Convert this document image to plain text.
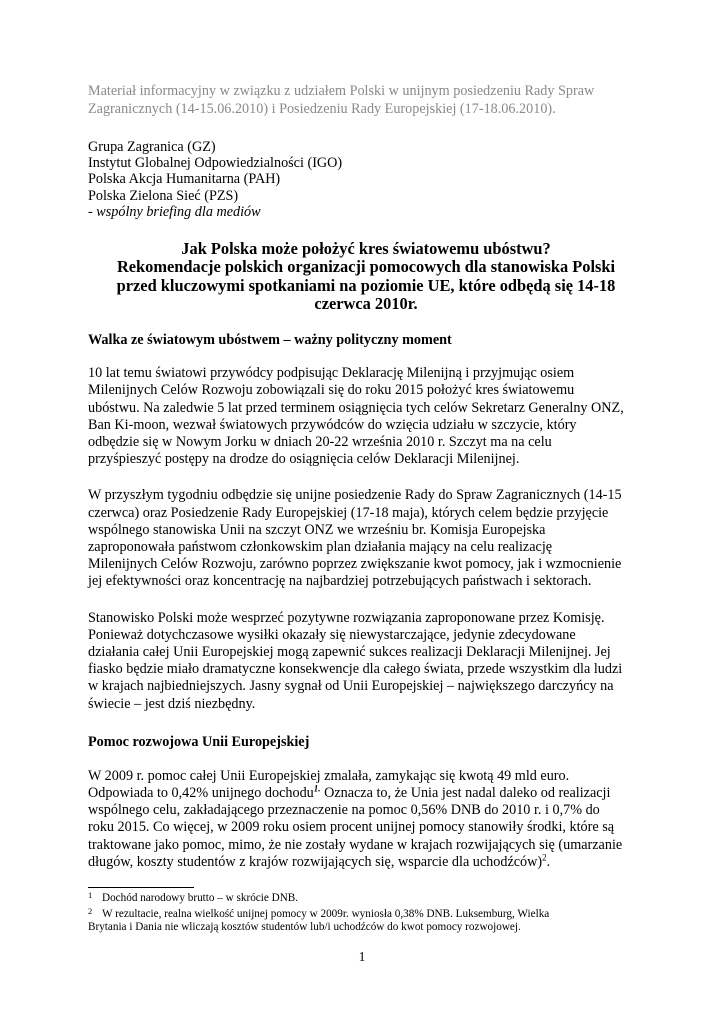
Materiał informacyjny w związku z udziałem Polski w unijnym posiedzeniu Rady Spraw
Zagranicznych (14-15.06.2010) i Posiedzeniu Rady Europejskiej (17-18.06.2010).
Grupa Zagranica (GZ)
Instytut Globalnej Odpowiedzialności (IGO)
Polska Akcja Humanitarna (PAH)
Polska Zielona Sieć (PZS)
- wspólny briefing dla mediów
Jak Polska może położyć kres światowemu ubóstwu?
Rekomendacje polskich organizacji pomocowych dla stanowiska Polski
przed kluczowymi spotkaniami na poziomie UE, które odbędą się 14-18
czerwca 2010r.
Walka ze światowym ubóstwem – ważny polityczny moment
10 lat temu światowi przywódcy podpisując Deklarację Milenijną i przyjmując osiem
Milenijnych Celów Rozwoju zobowiązali się do roku 2015 położyć kres światowemu
ubóstwu. Na zaledwie 5 lat przed terminem osiągnięcia tych celów Sekretarz Generalny ONZ,
Ban Ki-moon, wezwał światowych przywódców do wzięcia udziału w szczycie, który
odbędzie się w Nowym Jorku w dniach 20-22 września 2010 r. Szczyt ma na celu
przyśpieszyć postępy na drodze do osiągnięcia celów Deklaracji Milenijnej.
W przyszłym tygodniu odbędzie się unijne posiedzenie Rady do Spraw Zagranicznych (14-15
czerwca) oraz Posiedzenie Rady Europejskiej (17-18 maja), których celem będzie przyjęcie
wspólnego stanowiska Unii na szczyt ONZ we wrześniu br. Komisja Europejska
zaproponowała państwom członkowskim plan działania mający na celu realizację
Milenijnych Celów Rozwoju, zarówno poprzez zwiększanie kwot pomocy, jak i wzmocnienie
jej efektywności oraz koncentrację na najbardziej potrzebujących państwach i sektorach.
Stanowisko Polski może wesprzeć pozytywne rozwiązania zaproponowane przez Komisję.
Ponieważ dotychczasowe wysiłki okazały się niewystarczające, jedynie zdecydowane
działania całej Unii Europejskiej mogą zapewnić sukces realizacji Deklaracji Milenijnej. Jej
fiasko będzie miało dramatyczne konsekwencje dla całego świata, przede wszystkim dla ludzi
w krajach najbiedniejszych. Jasny sygnał od Unii Europejskiej – największego darczyńcy na
świecie – jest dziś niezbędny.
Pomoc rozwojowa Unii Europejskiej
W 2009 r. pomoc całej Unii Europejskiej zmalała, zamykając się kwotą 49 mld euro.
Odpowiada to 0,42% unijnego dochodu$^{1.}$ Oznacza to, że Unia jest nadal daleko od realizacji
wspólnego celu, zakładającego przeznaczenie na pomoc 0,56% DNB do 2010 r. i 0,7% do
roku 2015. Co więcej, w 2009 roku osiem procent unijnej pomocy stanowiły środki, które są
traktowane jako pomoc, mimo, że nie zostały wydane w krajach rozwijających się (umarzanie
długów, koszty studentów z krajów rozwijających się, wsparcie dla uchodźców)$^2$.
1 Dochód narodowy brutto – w skrócie DNB.
2 W rezultacie, realna wielkość unijnej pomocy w 2009r. wyniosła 0,38% DNB. Luksemburg, Wielka
Brytania i Dania nie wliczają kosztów studentów lub/i uchodźców do kwot pomocy rozwojowej.
1
